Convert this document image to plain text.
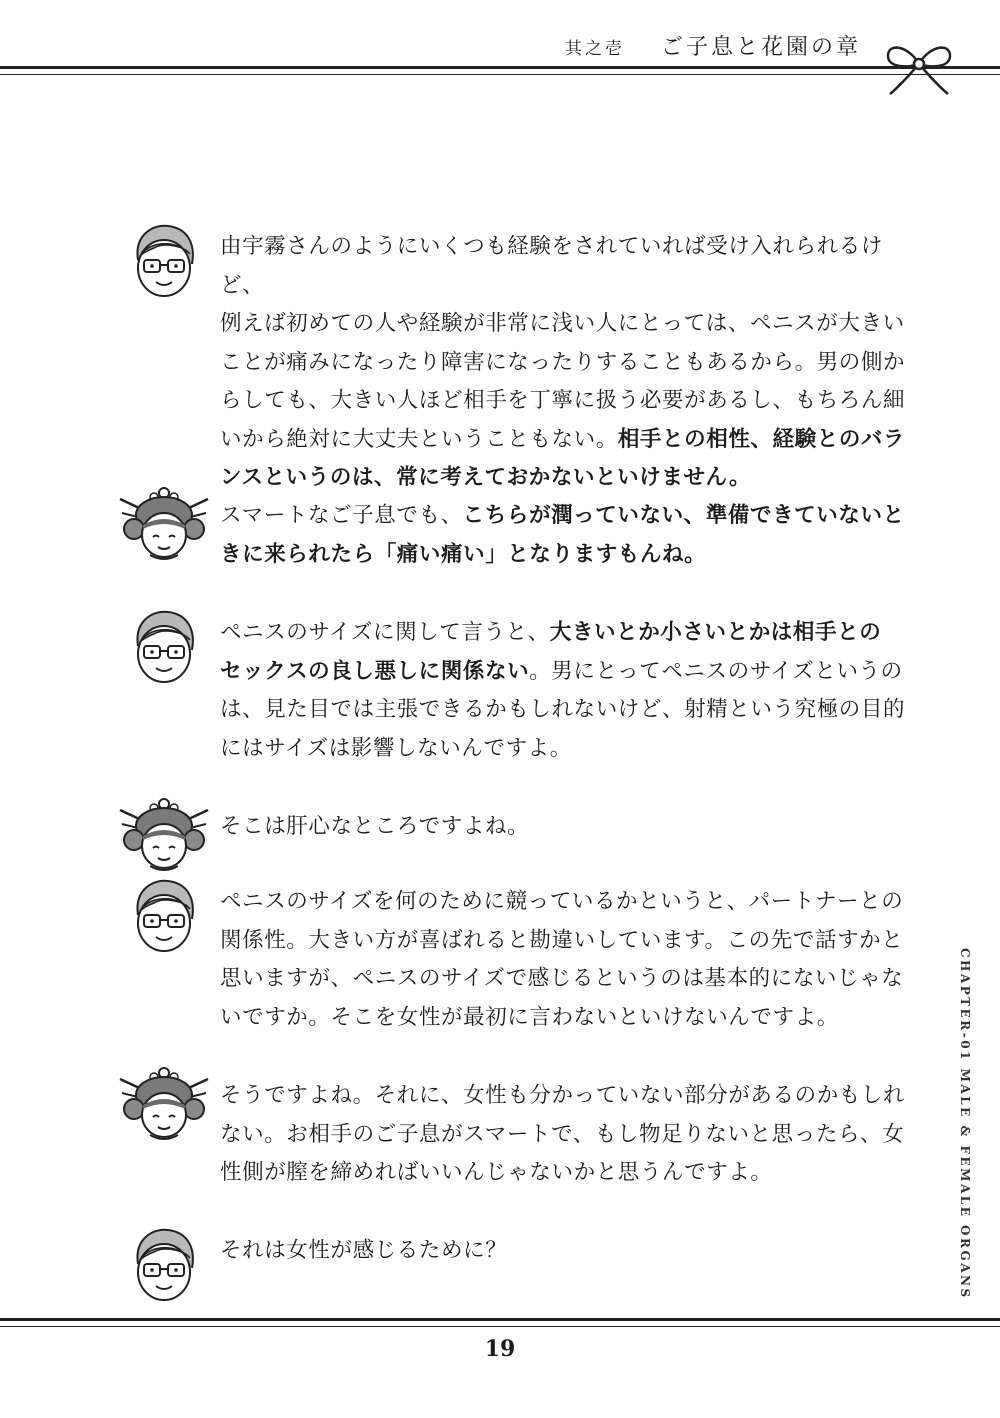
其之壱 ご子息と花園の章
由宇霧さんのようにいくつも経験をされていれば受け入れられるけど、
例えば初めての人や経験が非常に浅い人にとっては、ペニスが大きい
ことが痛みになったり障害になったりすることもあるから。男の側か
らしても、大きい人ほど相手を丁寧に扱う必要があるし、もちろん細
いから絶対に大丈夫ということもない。相手との相性、経験とのバラ
ンスというのは、常に考えておかないといけません。
スマートなご子息でも、こちらが潤っていない、準備できていないと
きに来られたら「痛い痛い」となりますもんね。
ペニスのサイズに関して言うと、大きいとか小さいとかは相手との
セックスの良し悪しに関係ない。男にとってペニスのサイズというの
は、見た目では主張できるかもしれないけど、射精という究極の目的
にはサイズは影響しないんですよ。
そこは肝心なところですよね。
ペニスのサイズを何のために競っているかというと、パートナーとの
関係性。大きい方が喜ばれると勘違いしています。この先で話すかと
思いますが、ペニスのサイズで感じるというのは基本的にないじゃな
いですか。そこを女性が最初に言わないといけないんですよ。
そうですよね。それに、女性も分かっていない部分があるのかもしれ
ない。お相手のご子息がスマートで、もし物足りないと思ったら、女
性側が膣を締めればいいんじゃないかと思うんですよ。
それは女性が感じるために？	CHAPTER-01 MALE & FEMALE ORGANS
19
